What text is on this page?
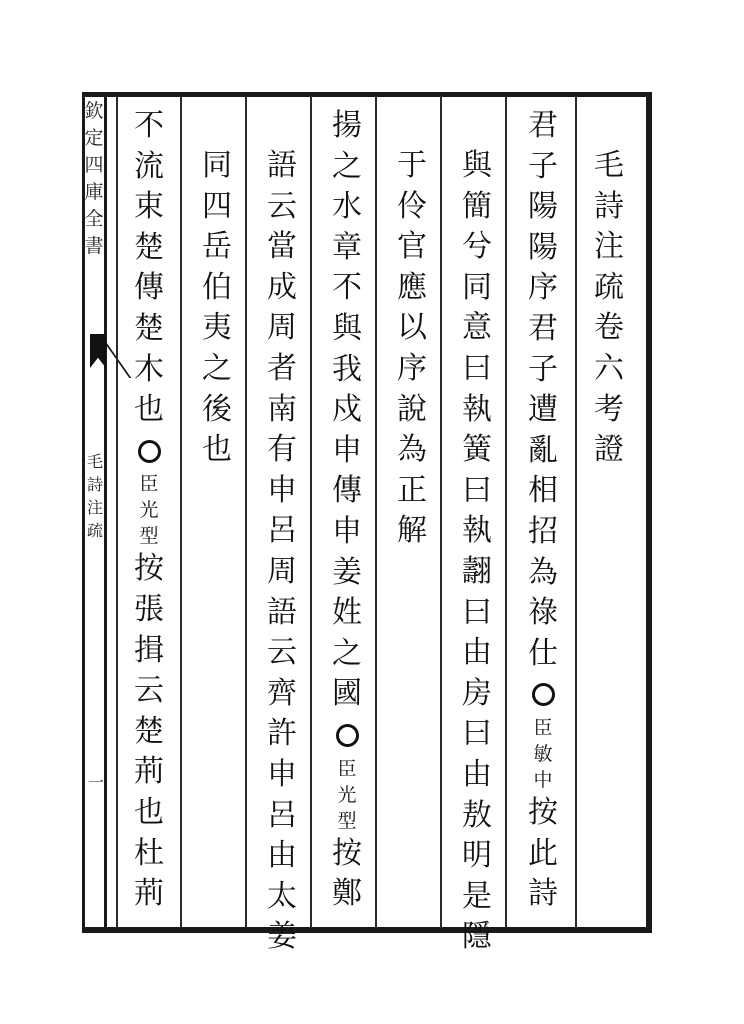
欽
定
四
庫
全
書
毛
詩
注
疏
一
毛
詩
注
疏
卷
六
考
證
君
子
陽
陽
序
君
子
遭
亂
相
招
為
祿
仕
臣
敏
中
按
此
詩
與
簡
兮
同
意
曰
執
簧
曰
執
翿
曰
由
房
曰
由
敖
明
是
隱
于
伶
官
應
以
序
說
為
正
解
揚
之
水
章
不
與
我
戍
申
傳
申
姜
姓
之
國
臣
光
型
按
鄭
語
云
當
成
周
者
南
有
申
呂
周
語
云
齊
許
申
呂
由
太
姜
同
四
岳
伯
夷
之
後
也
不
流
束
楚
傳
楚
木
也
臣
光
型
按
張
揖
云
楚
荊
也
杜
荊
